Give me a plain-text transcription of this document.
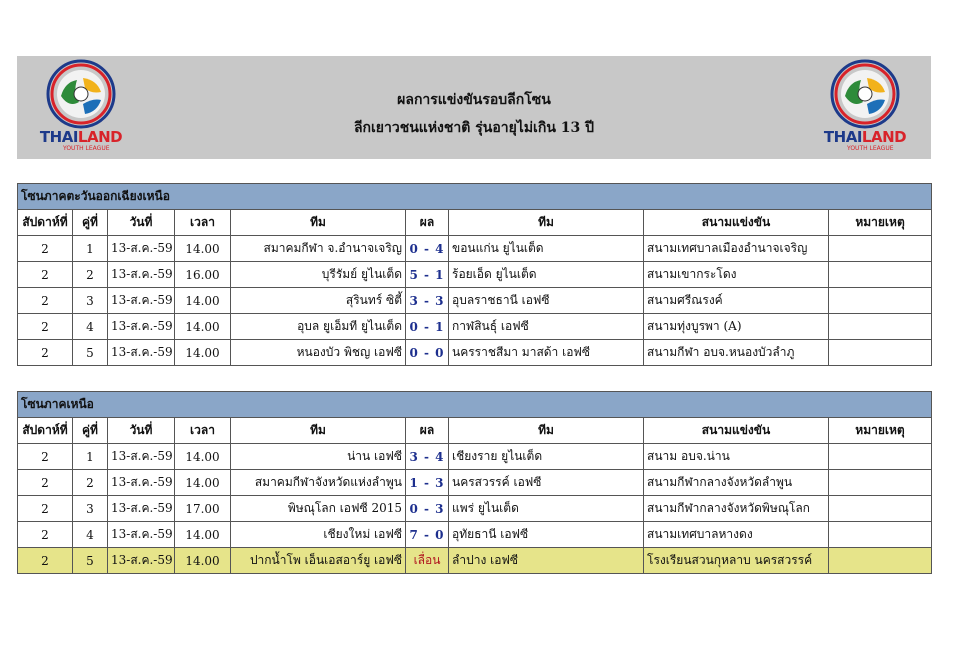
THAILAND
YOUTH LEAGUE
ผลการแข่งขันรอบลีกโซน
ลีกเยาวชนแห่งชาติ รุ่นอายุไม่เกิน 13 ปี	THAILAND
YOUTH LEAGUE
โซนภาคตะวันออกเฉียงเหนือ								
สัปดาห์ที่	คู่ที่	วันที่	เวลา	ทีม	ผล	ทีม	สนามแข่งขัน	หมายเหตุ
2	1	13-ส.ค.-59	14.00	สมาคมกีฬา จ.อำนาจเจริญ	0 - 4	ขอนแก่น ยูไนเต็ด	สนามเทศบาลเมืองอำนาจเจริญ	
2	2	13-ส.ค.-59	16.00	บุรีรัมย์ ยูไนเต็ด	5 - 1	ร้อยเอ็ด ยูไนเต็ด	สนามเขากระโดง	
2	3	13-ส.ค.-59	14.00	สุรินทร์ ซิตี้	3 - 3	อุบลราชธานี เอฟซี	สนามศรีณรงค์	
2	4	13-ส.ค.-59	14.00	อุบล ยูเอ็มที ยูไนเต็ด	0 - 1	กาฬสินธุ์ เอฟซี	สนามทุ่งบูรพา (A)	
2	5	13-ส.ค.-59	14.00	หนองบัว พิชญ เอฟซี	0 - 0	นครราชสีมา มาสด้า เอฟซี	สนามกีฬา อบจ.หนองบัวลำภู	
โซนภาคเหนือ								
สัปดาห์ที่	คู่ที่	วันที่	เวลา	ทีม	ผล	ทีม	สนามแข่งขัน	หมายเหตุ
2	1	13-ส.ค.-59	14.00	น่าน เอฟซี	3 - 4	เชียงราย ยูไนเต็ด	สนาม อบจ.น่าน	
2	2	13-ส.ค.-59	14.00	สมาคมกีฬาจังหวัดแห่งลำพูน	1 - 3	นครสวรรค์ เอฟซี	สนามกีฬากลางจังหวัดลำพูน	
2	3	13-ส.ค.-59	17.00	พิษณุโลก เอฟซี 2015	0 - 3	แพร่ ยูไนเต็ด	สนามกีฬากลางจังหวัดพิษณุโลก	
2	4	13-ส.ค.-59	14.00	เชียงใหม่ เอฟซี	7 - 0	อุทัยธานี เอฟซี	สนามเทศบาลหางดง	
2	5	13-ส.ค.-59	14.00	ปากน้ำโพ เอ็นเอสอาร์ยู เอฟซี	เลื่อน	ลำปาง เอฟซี	โรงเรียนสวนกุหลาบ นครสวรรค์	
